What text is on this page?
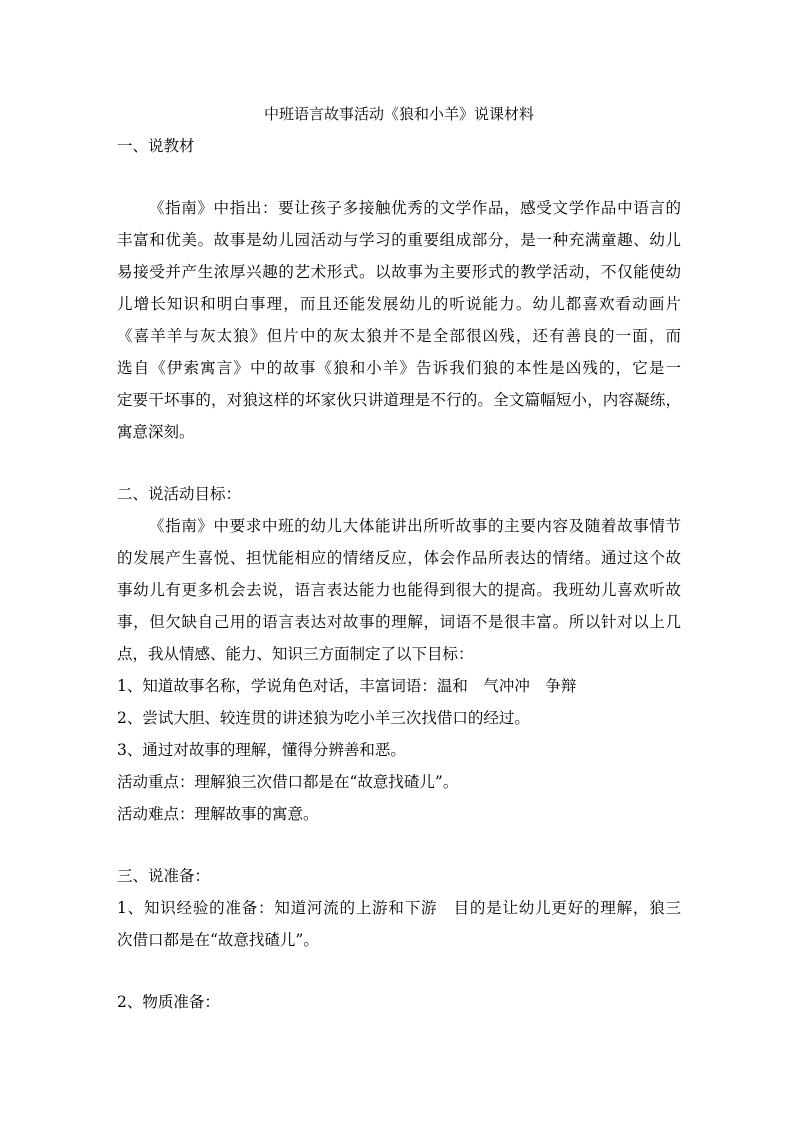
中班语言故事活动《狼和小羊》说课材料
一、说教材
《指南》中指出：要让孩子多接触优秀的文学作品，感受文学作品中语言的
丰富和优美。故事是幼儿园活动与学习的重要组成部分，是一种充满童趣、幼儿
易接受并产生浓厚兴趣的艺术形式。以故事为主要形式的教学活动，不仅能使幼
儿增长知识和明白事理，而且还能发展幼儿的听说能力。幼儿都喜欢看动画片
《喜羊羊与灰太狼》但片中的灰太狼并不是全部很凶残，还有善良的一面，而
选自《伊索寓言》中的故事《狼和小羊》告诉我们狼的本性是凶残的，它是一
定要干坏事的，对狼这样的坏家伙只讲道理是不行的。全文篇幅短小，内容凝练，
寓意深刻。
二、说活动目标：
《指南》中要求中班的幼儿大体能讲出所听故事的主要内容及随着故事情节
的发展产生喜悦、担忧能相应的情绪反应，体会作品所表达的情绪。通过这个故
事幼儿有更多机会去说，语言表达能力也能得到很大的提高。我班幼儿喜欢听故
事，但欠缺自己用的语言表达对故事的理解，词语不是很丰富。所以针对以上几
点，我从情感、能力、知识三方面制定了以下目标：
1、知道故事名称，学说角色对话，丰富词语：温和　气冲冲　争辩
2、尝试大胆、较连贯的讲述狼为吃小羊三次找借口的经过。
3、通过对故事的理解，懂得分辨善和恶。
活动重点：理解狼三次借口都是在“故意找碴儿”。
活动难点：理解故事的寓意。
三、说准备：
1、知识经验的准备：知道河流的上游和下游　目的是让幼儿更好的理解，狼三
次借口都是在“故意找碴儿”。
2、物质准备：
